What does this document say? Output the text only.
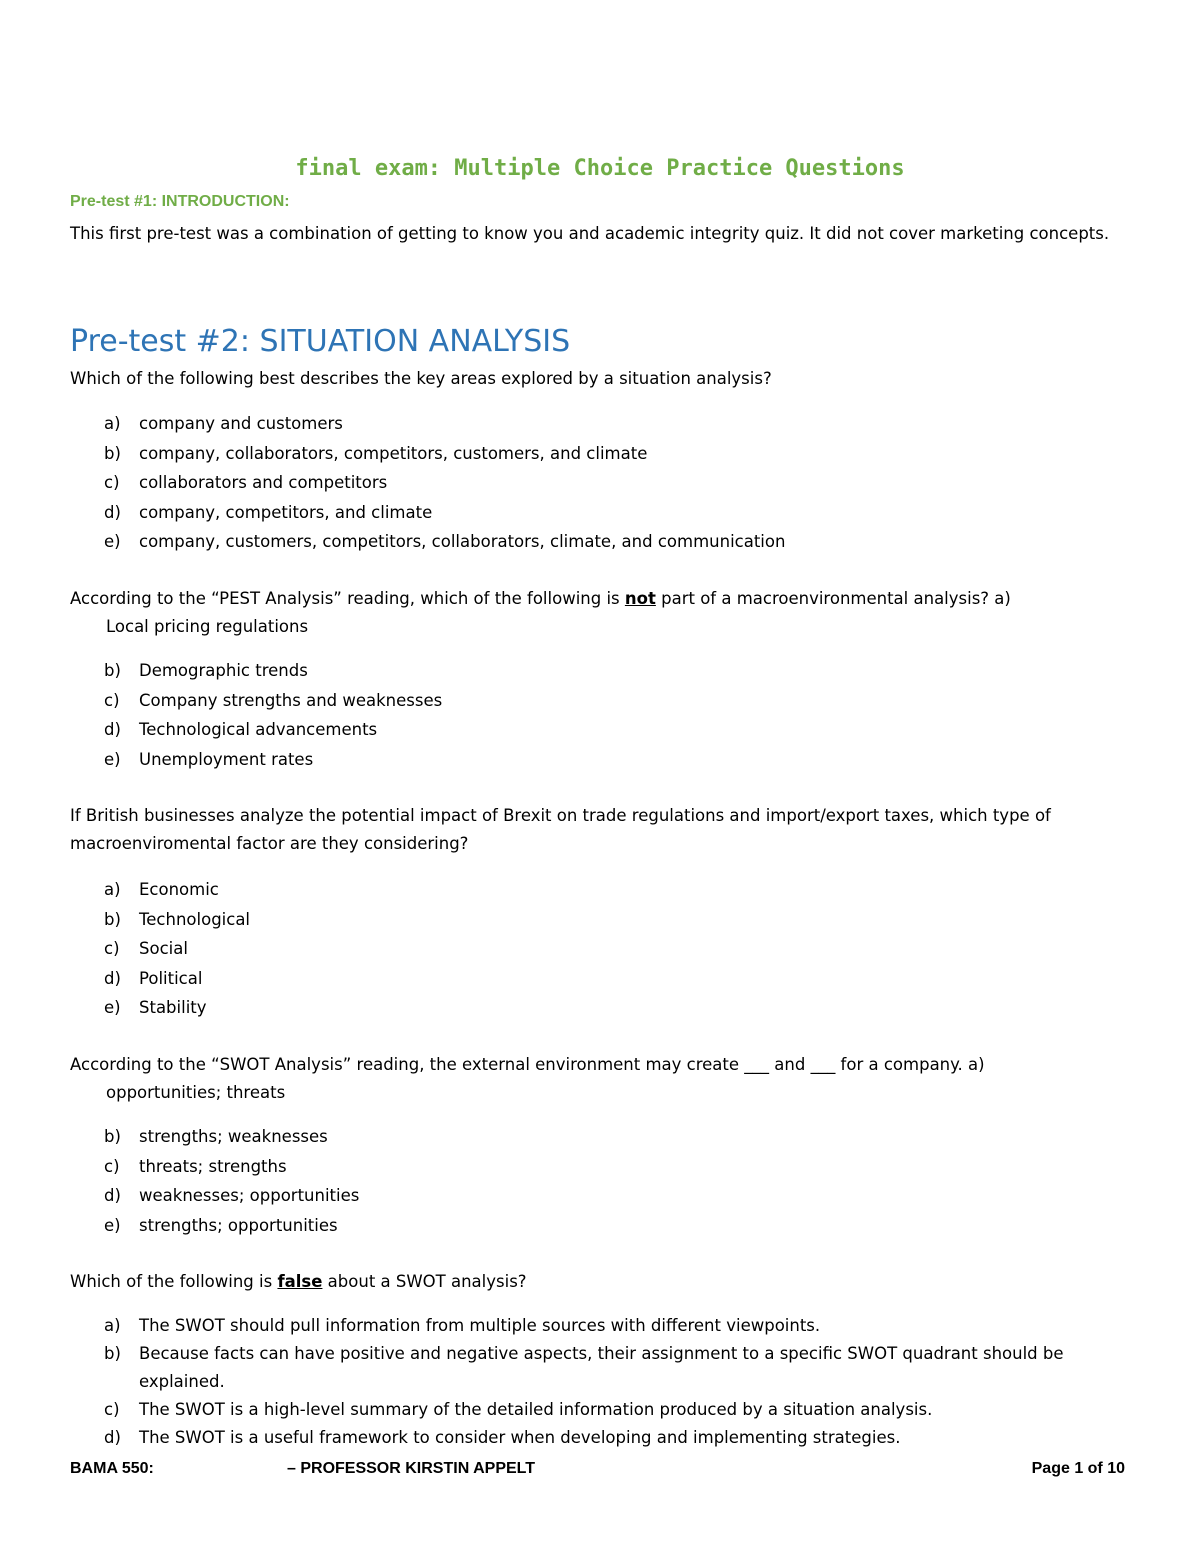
final exam: Multiple Choice Practice Questions
Pre-test #1: INTRODUCTION:
This first pre-test was a combination of getting to know you and academic integrity quiz. It did not cover marketing concepts.
Pre-test #2: SITUATION ANALYSIS
Which of the following best describes the key areas explored by a situation analysis?
a) company and customers
b) company, collaborators, competitors, customers, and climate
c) collaborators and competitors
d) company, competitors, and climate
e) company, customers, competitors, collaborators, climate, and communication
According to the “PEST Analysis” reading, which of the following is not part of a macroenvironmental analysis? a)
Local pricing regulations
b) Demographic trends
c) Company strengths and weaknesses
d) Technological advancements
e) Unemployment rates
If British businesses analyze the potential impact of Brexit on trade regulations and import/export taxes, which type of macroenviromental factor are they considering?
a) Economic
b) Technological
c) Social
d) Political
e) Stability
According to the “SWOT Analysis” reading, the external environment may create ___ and ___ for a company. a)
opportunities; threats
b) strengths; weaknesses
c) threats; strengths
d) weaknesses; opportunities
e) strengths; opportunities
Which of the following is false about a SWOT analysis?
a) The SWOT should pull information from multiple sources with different viewpoints.
b) Because facts can have positive and negative aspects, their assignment to a specific SWOT quadrant should be explained.
c) The SWOT is a high-level summary of the detailed information produced by a situation analysis.
d) The SWOT is a useful framework to consider when developing and implementing strategies.
BAMA 550:	– PROFESSOR KIRSTIN APPELT	Page 1 of 10
